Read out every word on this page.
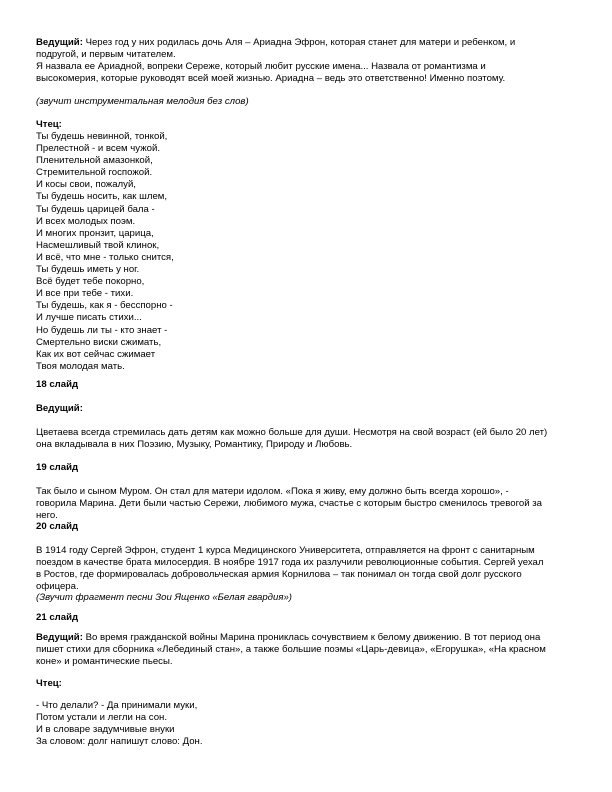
Ведущий: Через год у них родилась дочь Аля – Ариадна Эфрон, которая станет для матери и ребенком, и
подругой, и первым читателем.
Я назвала ее Ариадной, вопреки Сереже, который любит русские имена... Назвала от романтизма и
высокомерия, которые руководят всей моей жизнью. Ариадна – ведь это ответственно! Именно поэтому.
(звучит инструментальная мелодия без слов)
Чтец:
Ты будешь невинной, тонкой,
Прелестной - и всем чужой.
Пленительной амазонкой,
Стремительной госпожой.
И косы свои, пожалуй,
Ты будешь носить, как шлем,
Ты будешь царицей бала -
И всех молодых поэм.
И многих пронзит, царица,
Насмешливый твой клинок,
И всё, что мне - только снится,
Ты будешь иметь у ног.
Всё будет тебе покорно,
И все при тебе - тихи.
Ты будешь, как я - бесспорно -
И лучше писать стихи...
Но будешь ли ты - кто знает -
Смертельно виски сжимать,
Как их вот сейчас сжимает
Твоя молодая мать.
18 слайд
Ведущий:
Цветаева всегда стремилась дать детям как можно больше для души. Несмотря на свой возраст (ей было 20 лет)
она вкладывала в них Поэзию, Музыку, Романтику, Природу и Любовь.
19 слайд
Так было и сыном Муром. Он стал для матери идолом. «Пока я живу, ему должно быть всегда хорошо», -
говорила Марина. Дети были частью Сережи, любимого мужа, счастье с которым быстро сменилось тревогой за
него.
20 слайд
В 1914 году Сергей Эфрон, студент 1 курса Медицинского Университета, отправляется на фронт с санитарным
поездом в качестве брата милосердия. В ноябре 1917 года их разлучили революционные события. Сергей уехал
в Ростов, где формировалась добровольческая армия Корнилова – так понимал он тогда свой долг русского
офицера.
(Звучит фрагмент песни Зои Ященко «Белая гвардия»)
21 слайд
Ведущий: Во время гражданской войны Марина прониклась сочувствием к белому движению. В тот период она
пишет стихи для сборника «Лебединый стан», а также большие поэмы «Царь-девица», «Егорушка», «На красном
коне» и романтические пьесы.
Чтец:
- Что делали? - Да принимали муки,
Потом устали и легли на сон.
И в словаре задумчивые внуки
За словом: долг напишут слово: Дон.
